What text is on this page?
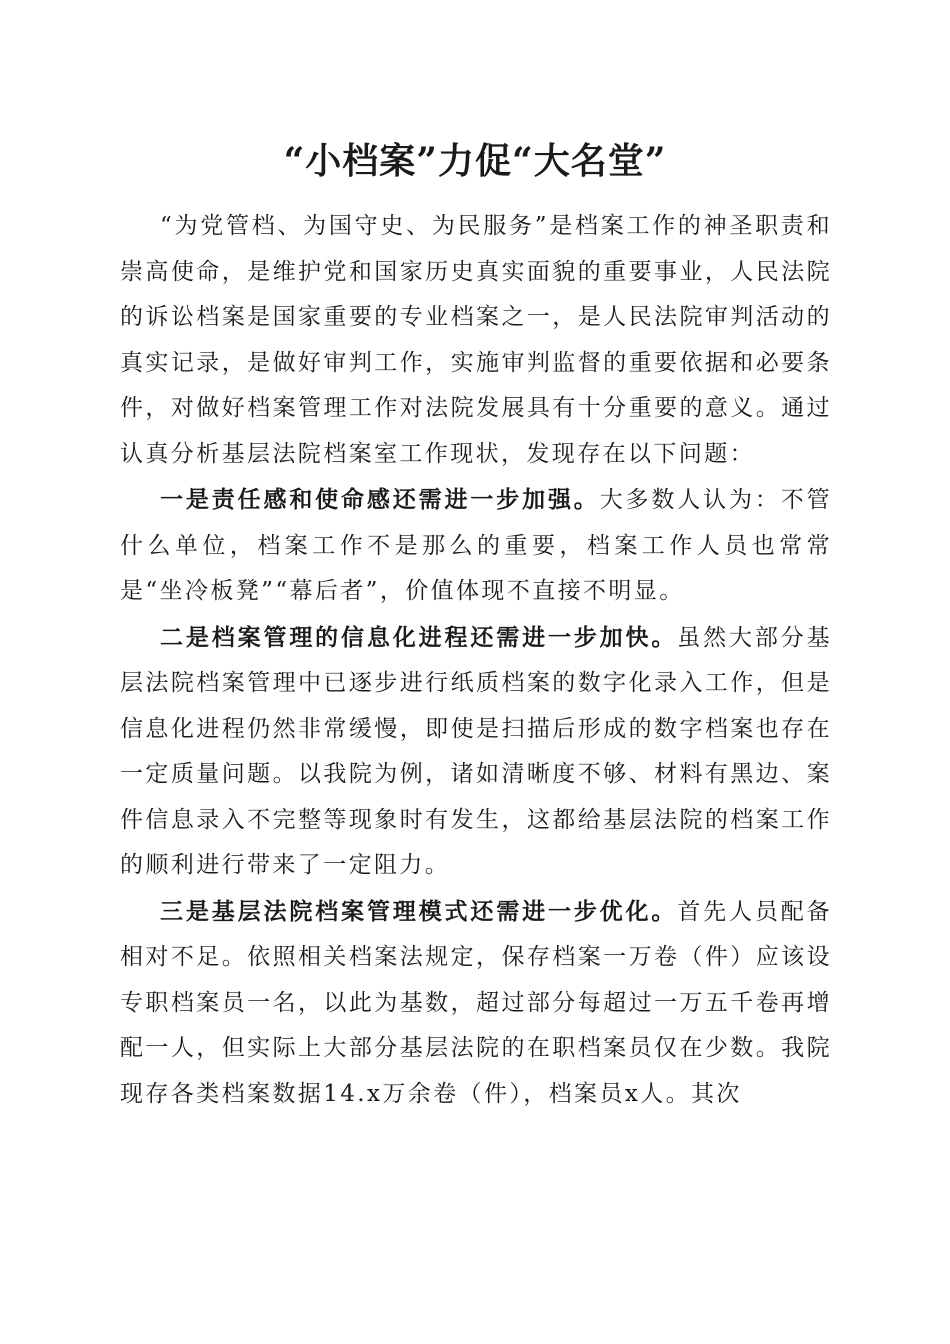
“小档案”力促“大名堂”

“为党管档、为国守史、为民服务”是档案工作的神圣职责和崇高使命，是维护党和国家历史真实面貌的重要事业，人民法院的诉讼档案是国家重要的专业档案之一，是人民法院审判活动的真实记录，是做好审判工作，实施审判监督的重要依据和必要条件，对做好档案管理工作对法院发展具有十分重要的意义。通过认真分析基层法院档案室工作现状，发现存在以下问题：

一是责任感和使命感还需进一步加强。大多数人认为：不管什么单位，档案工作不是那么的重要，档案工作人员也常常是“坐冷板凳”“幕后者”，价值体现不直接不明显。

二是档案管理的信息化进程还需进一步加快。虽然大部分基层法院档案管理中已逐步进行纸质档案的数字化录入工作，但是信息化进程仍然非常缓慢，即使是扫描后形成的数字档案也存在一定质量问题。以我院为例，诸如清晰度不够、材料有黑边、案件信息录入不完整等现象时有发生，这都给基层法院的档案工作的顺利进行带来了一定阻力。

三是基层法院档案管理模式还需进一步优化。首先人员配备相对不足。依照相关档案法规定，保存档案一万卷（件）应该设专职档案员一名，以此为基数，超过部分每超过一万五千卷再增配一人，但实际上大部分基层法院的在职档案员仅在少数。我院现存各类档案数据14.x万余卷（件），档案员x人。其次
